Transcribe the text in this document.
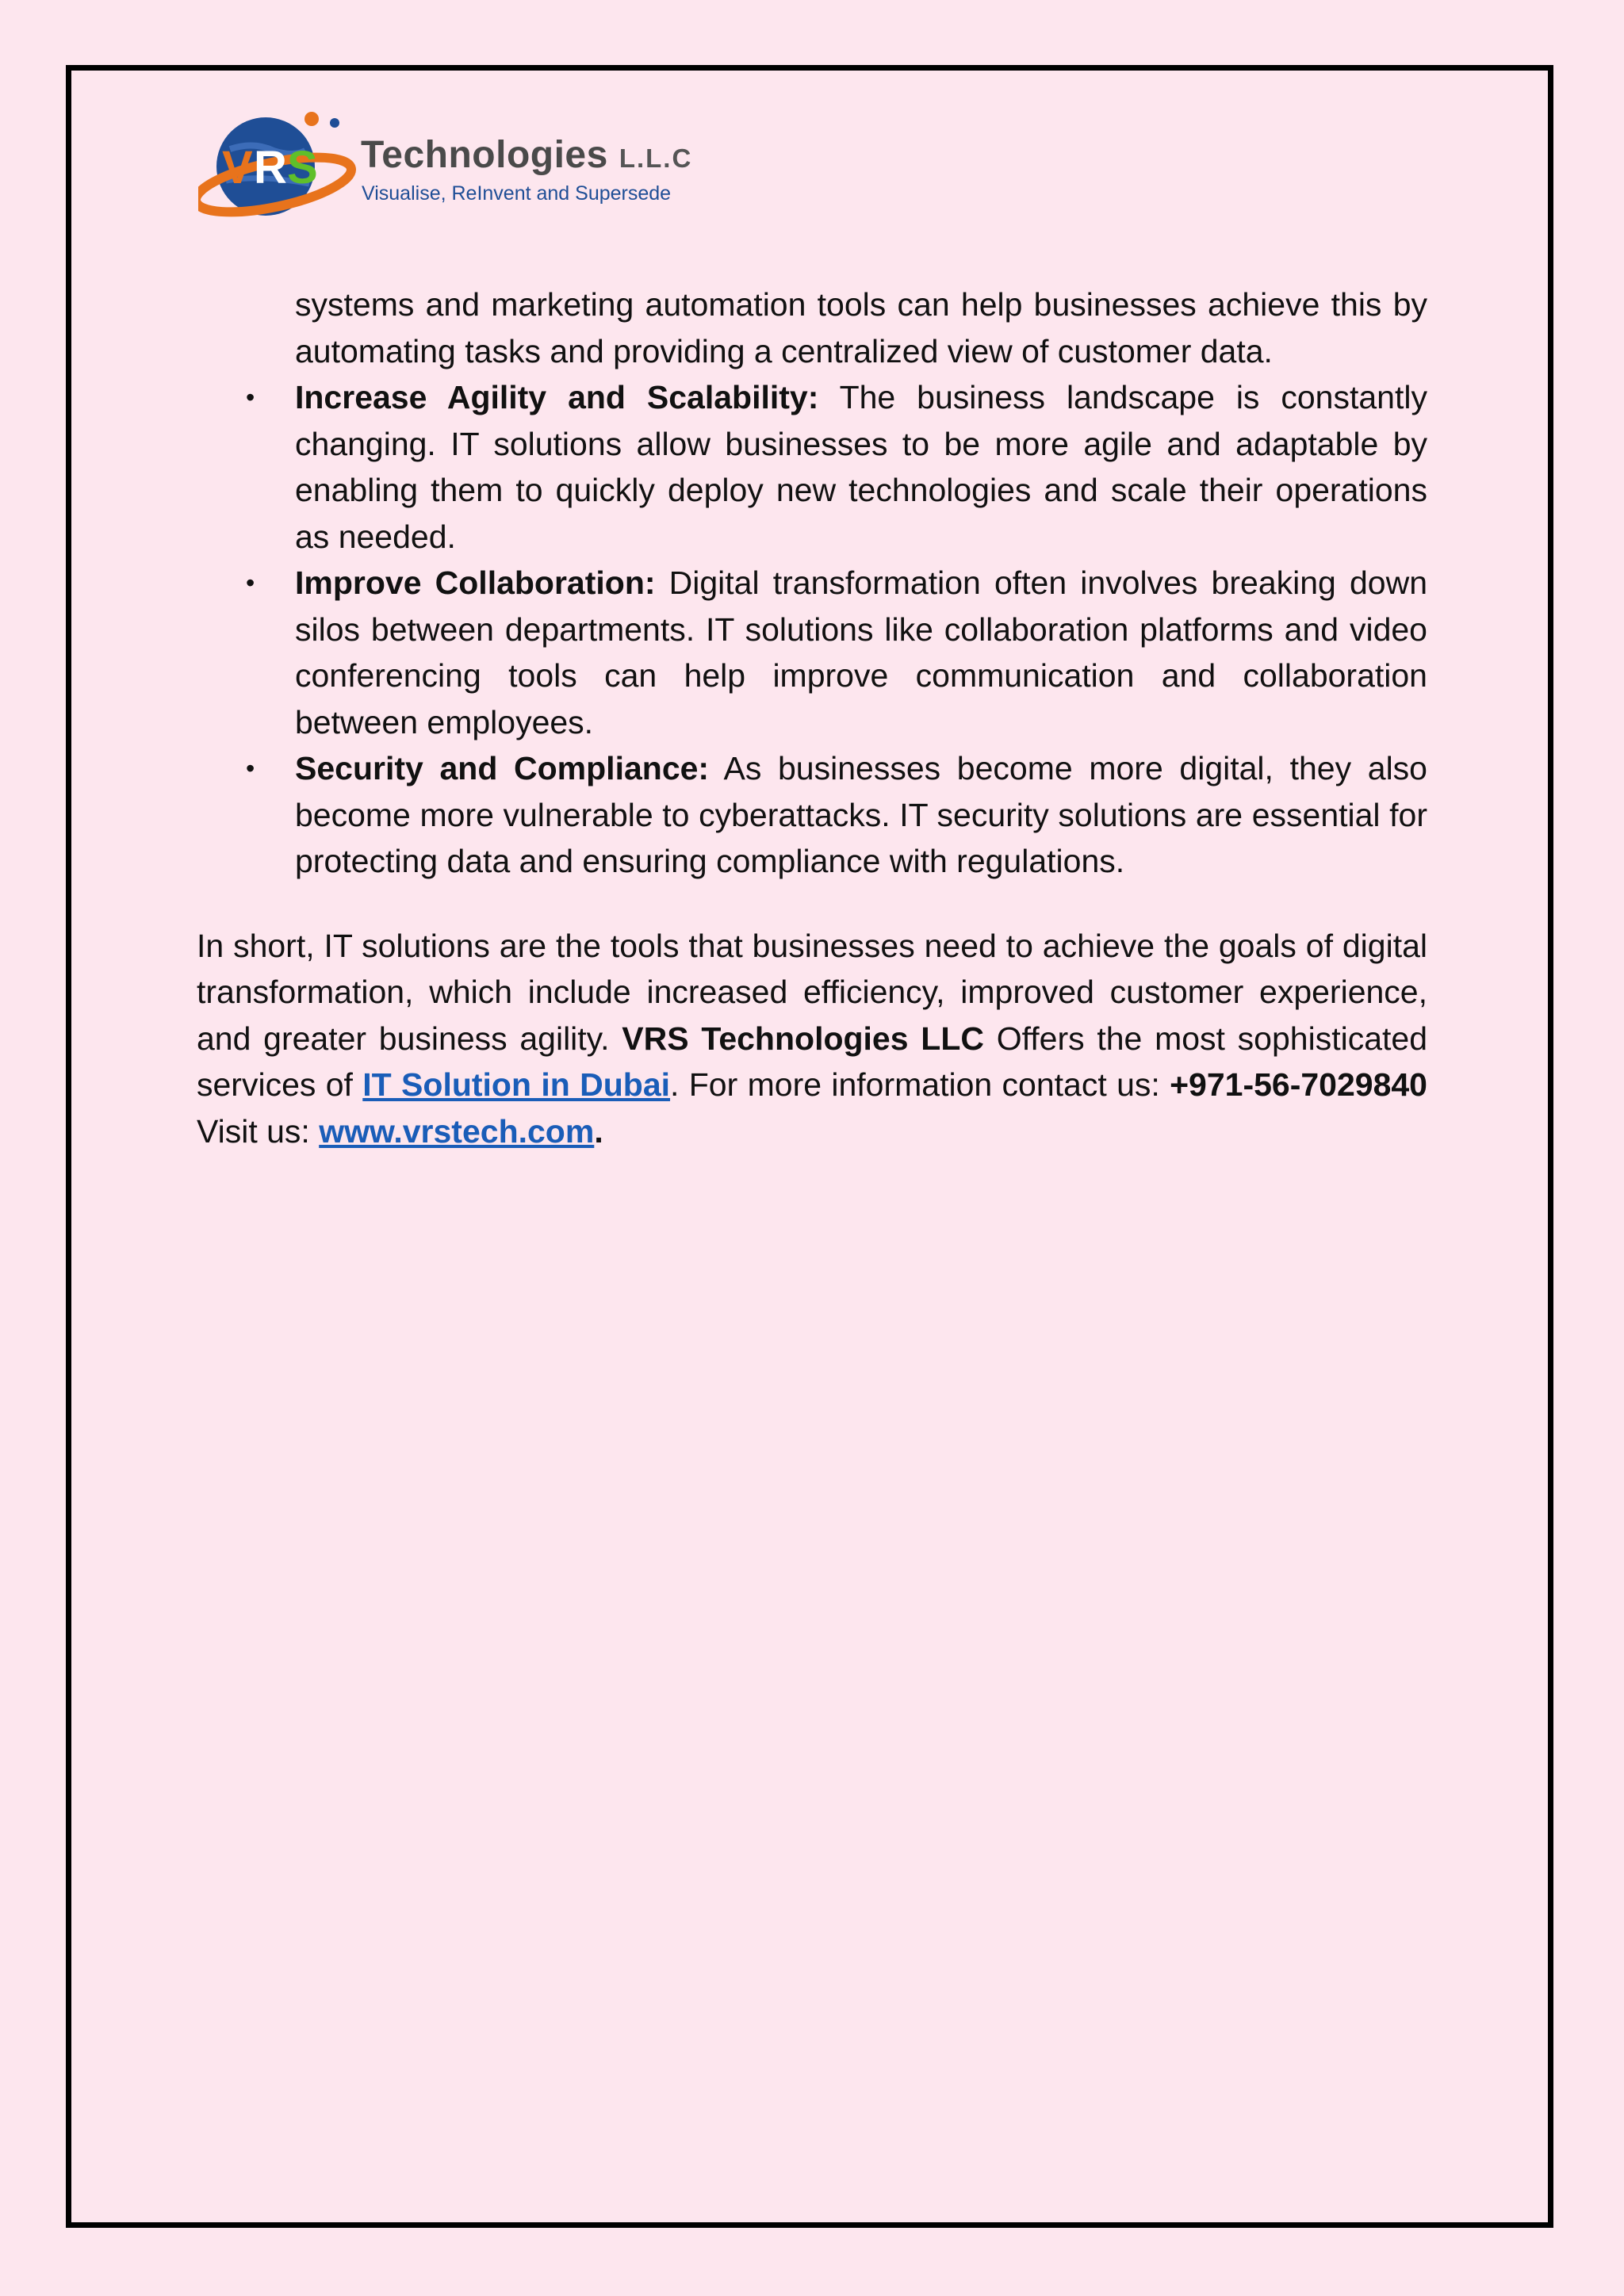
V R S Technologies L.L.C
Visualise, ReInvent and Supersede

systems and marketing automation tools can help businesses achieve this by automating tasks and providing a centralized view of customer data.

• Increase Agility and Scalability: The business landscape is constantly changing. IT solutions allow businesses to be more agile and adaptable by enabling them to quickly deploy new technologies and scale their operations as needed.
• Improve Collaboration: Digital transformation often involves breaking down silos between departments. IT solutions like collaboration platforms and video conferencing tools can help improve communication and collaboration between employees.
• Security and Compliance: As businesses become more digital, they also become more vulnerable to cyberattacks. IT security solutions are essential for protecting data and ensuring compliance with regulations.

In short, IT solutions are the tools that businesses need to achieve the goals of digital transformation, which include increased efficiency, improved customer experience, and greater business agility. VRS Technologies LLC Offers the most sophisticated services of IT Solution in Dubai. For more information contact us: +971-56-7029840 Visit us: www.vrstech.com.
